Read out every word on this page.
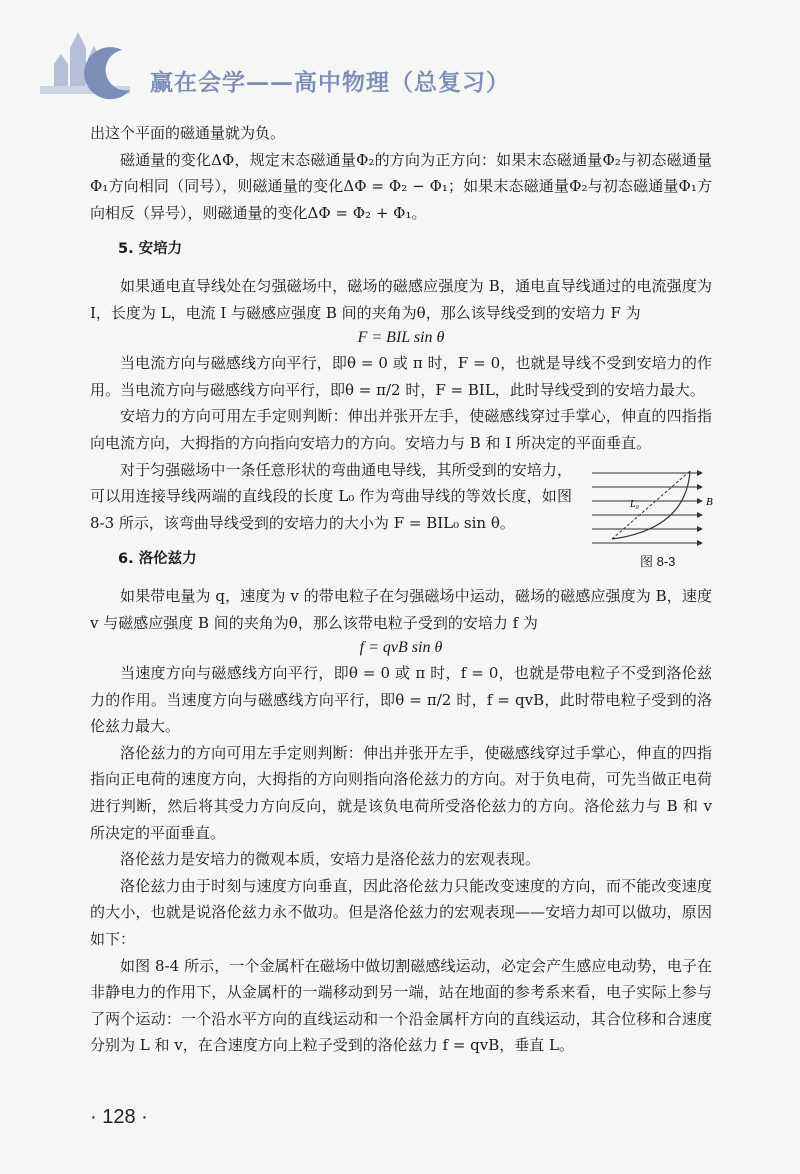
赢在会学——高中物理（总复习）

出这个平面的磁通量就为负。

磁通量的变化ΔΦ，规定末态磁通量Φ₂的方向为正方向：如果末态磁通量Φ₂与初态磁通量Φ₁方向相同（同号），则磁通量的变化ΔΦ = Φ₂ − Φ₁；如果末态磁通量Φ₂与初态磁通量Φ₁方向相反（异号），则磁通量的变化ΔΦ = Φ₂ + Φ₁。

5. 安培力

如果通电直导线处在匀强磁场中，磁场的磁感应强度为 B，通电直导线通过的电流强度为 I，长度为 L，电流 I 与磁感应强度 B 间的夹角为θ，那么该导线受到的安培力 F 为

F = BIL sin θ

当电流方向与磁感线方向平行，即θ = 0 或 π 时，F = 0，也就是导线不受到安培力的作用。当电流方向与磁感线方向平行，即θ = π/2 时，F = BIL，此时导线受到的安培力最大。

安培力的方向可用左手定则判断：伸出并张开左手，使磁感线穿过手掌心，伸直的四指指向电流方向，大拇指的方向指向安培力的方向。安培力与 B 和 I 所决定的平面垂直。

对于匀强磁场中一条任意形状的弯曲通电导线，其所受到的安培力，可以用连接导线两端的直线段的长度 L₀ 作为弯曲导线的等效长度，如图 8-3 所示，该弯曲导线受到的安培力的大小为 F = BIL₀ sin θ。

B
L₀
图 8-3
6. 洛伦兹力

如果带电量为 q，速度为 v 的带电粒子在匀强磁场中运动，磁场的磁感应强度为 B，速度 v 与磁感应强度 B 间的夹角为θ，那么该带电粒子受到的安培力 f 为

f = qvB sin θ

当速度方向与磁感线方向平行，即θ = 0 或 π 时，f = 0，也就是带电粒子不受到洛伦兹力的作用。当速度方向与磁感线方向平行，即θ = π/2 时，f = qvB，此时带电粒子受到的洛伦兹力最大。

洛伦兹力的方向可用左手定则判断：伸出并张开左手，使磁感线穿过手掌心，伸直的四指指向正电荷的速度方向，大拇指的方向则指向洛伦兹力的方向。对于负电荷，可先当做正电荷进行判断，然后将其受力方向反向，就是该负电荷所受洛伦兹力的方向。洛伦兹力与 B 和 v 所决定的平面垂直。

洛伦兹力是安培力的微观本质，安培力是洛伦兹力的宏观表现。

洛伦兹力由于时刻与速度方向垂直，因此洛伦兹力只能改变速度的方向，而不能改变速度的大小，也就是说洛伦兹力永不做功。但是洛伦兹力的宏观表现——安培力却可以做功，原因如下：

如图 8-4 所示，一个金属杆在磁场中做切割磁感线运动，必定会产生感应电动势，电子在非静电力的作用下，从金属杆的一端移动到另一端，站在地面的参考系来看，电子实际上参与了两个运动：一个沿水平方向的直线运动和一个沿金属杆方向的直线运动，其合位移和合速度分别为 L 和 v，在合速度方向上粒子受到的洛伦兹力 f = qvB，垂直 L。

· 128 ·
